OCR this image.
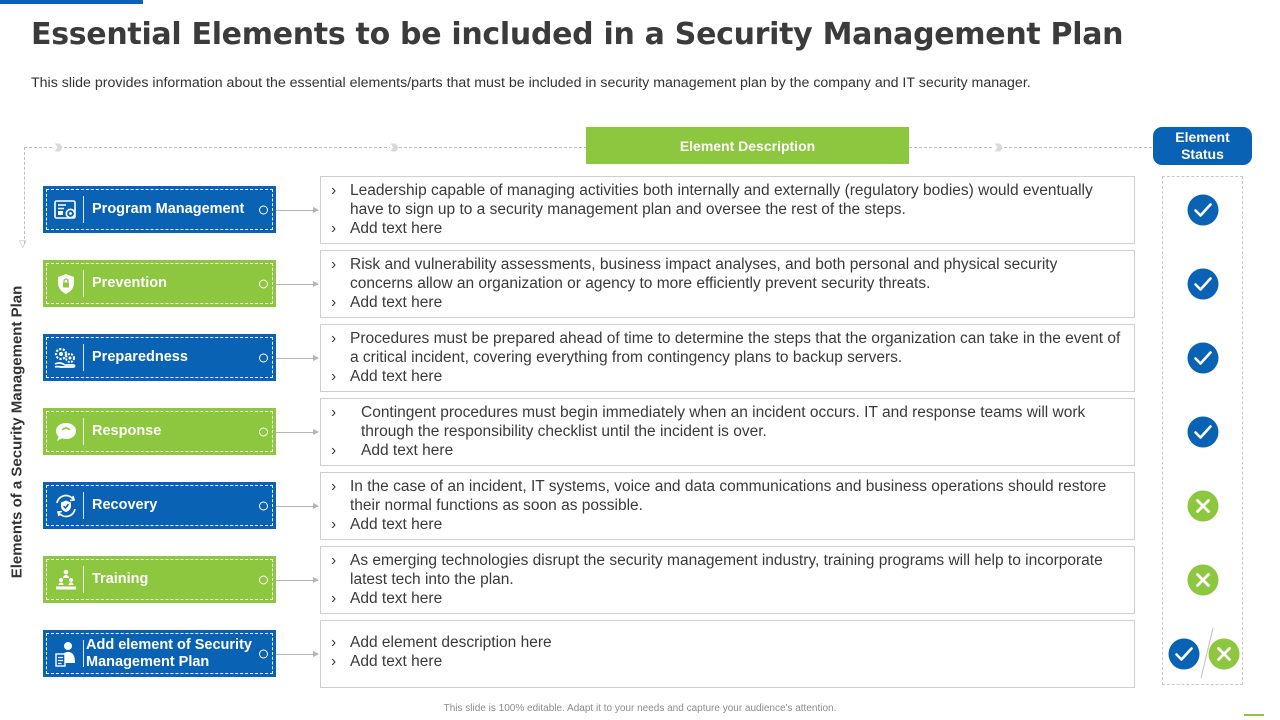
Essential Elements to be included in a Security Management Plan

This slide provides information about the essential elements/parts that must be included in security management plan by the company and IT security manager.

Elements of a Security Management Plan
▽
››	››	››
Element Description
Element
Status
Program Management
› Leadership capable of managing activities both internally and externally (regulatory bodies) would eventually have to sign up to a security management plan and oversee the rest of the steps.
› Add text here
Prevention
› Risk and vulnerability assessments, business impact analyses, and both personal and physical security concerns allow an organization or agency to more efficiently prevent security threats.
› Add text here
Preparedness
› Procedures must be prepared ahead of time to determine the steps that the organization can take in the event of a critical incident, covering everything from contingency plans to backup servers.
› Add text here
Response
›	Contingent procedures must begin immediately when an incident occurs. IT and response teams will work through the responsibility checklist until the incident is over.
›	Add text here
Recovery
› In the case of an incident, IT systems, voice and data communications and business operations should restore their normal functions as soon as possible.
› Add text here
Training
› As emerging technologies disrupt the security management industry, training programs will help to incorporate latest tech into the plan.
› Add text here
Add element of Security Management Plan
› Add element description here
› Add text here
This slide is 100% editable. Adapt it to your needs and capture your audience's attention.
